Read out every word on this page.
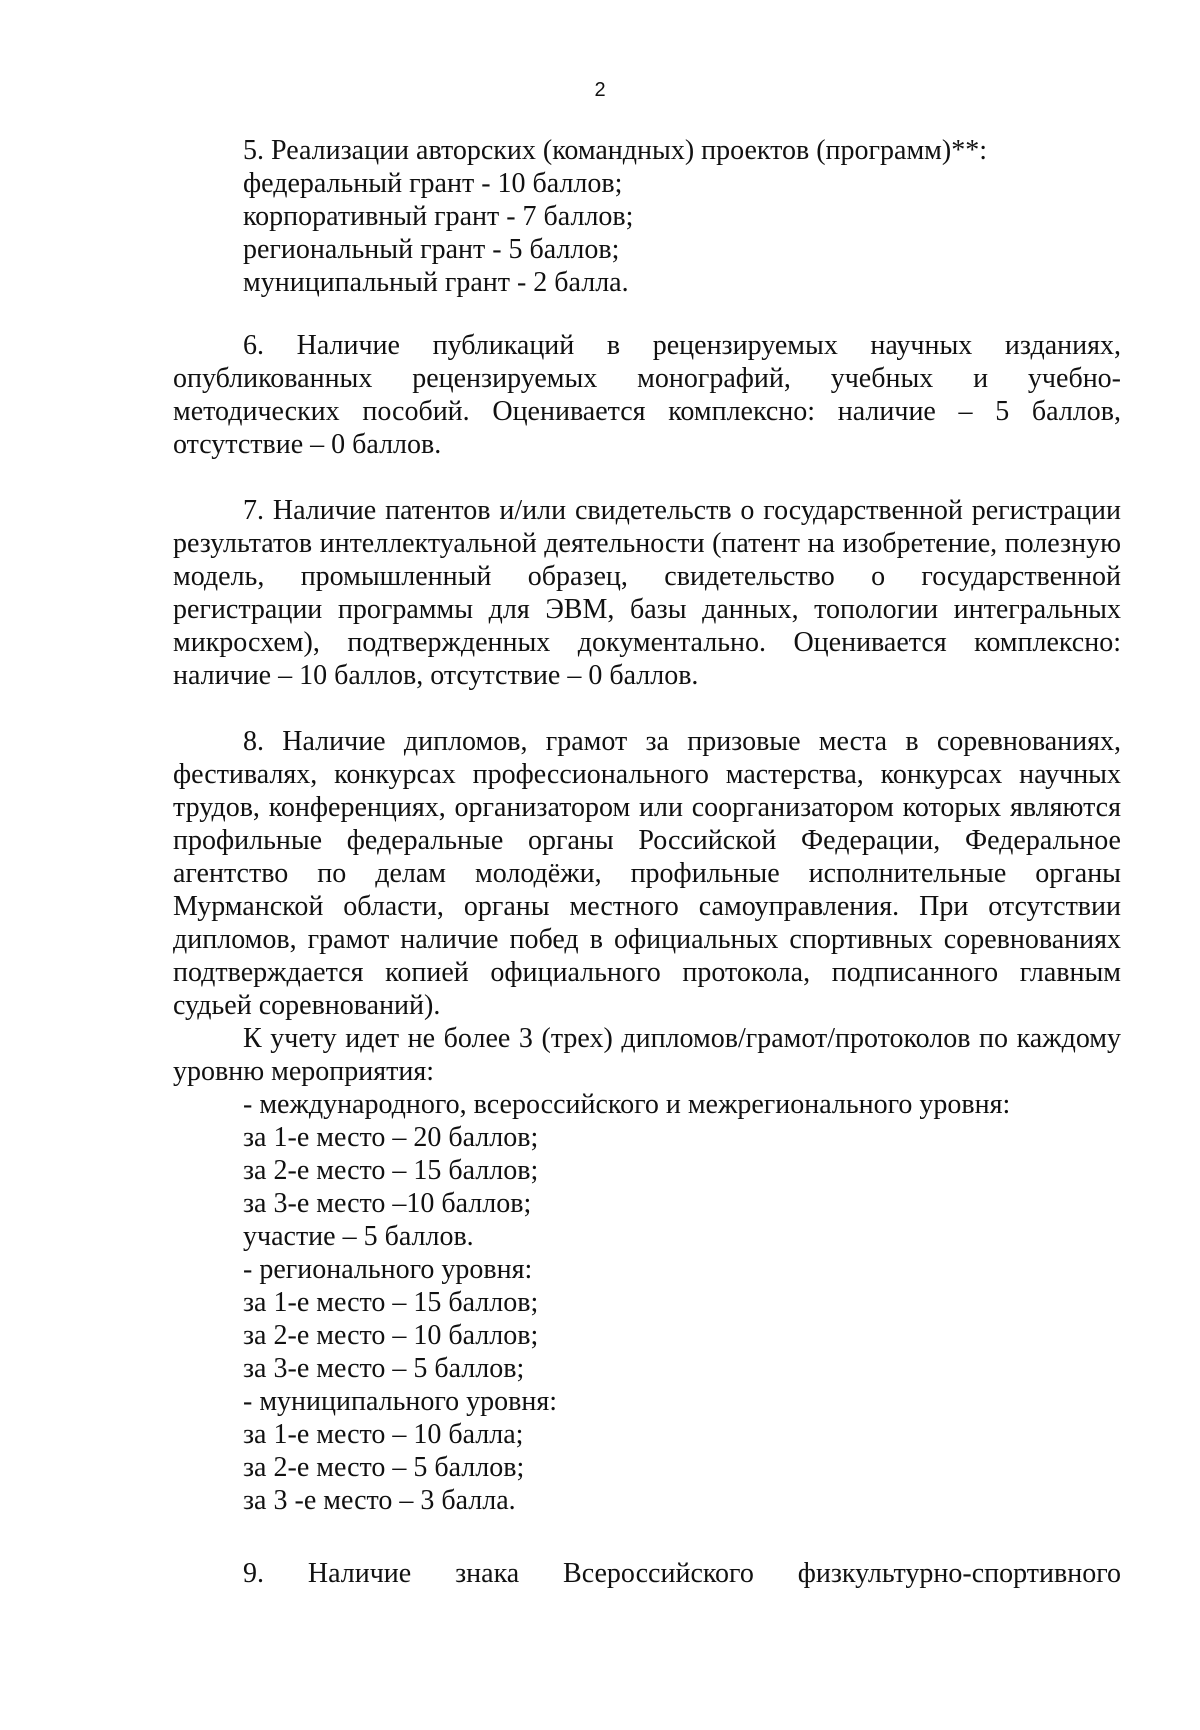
2

5. Реализации авторских (командных) проектов (программ)**:

федеральный грант - 10 баллов;

корпоративный грант - 7 баллов;

региональный грант - 5 баллов;

муниципальный грант - 2 балла.

6. Наличие публикаций в рецензируемых научных изданиях, опубликованных рецензируемых монографий, учебных и учебно-методических пособий. Оценивается комплексно: наличие – 5 баллов, отсутствие – 0 баллов.

7. Наличие патентов и/или свидетельств о государственной регистрации результатов интеллектуальной деятельности (патент на изобретение, полезную модель, промышленный образец, свидетельство о государственной регистрации программы для ЭВМ, базы данных, топологии интегральных микросхем), подтвержденных документально. Оценивается комплексно: наличие – 10 баллов, отсутствие – 0 баллов.

8. Наличие дипломов, грамот за призовые места в соревнованиях, фестивалях, конкурсах профессионального мастерства, конкурсах научных трудов, конференциях, организатором или соорганизатором которых являются профильные федеральные органы Российской Федерации, Федеральное агентство по делам молодёжи, профильные исполнительные органы Мурманской области, органы местного самоуправления. При отсутствии дипломов, грамот наличие побед в официальных спортивных соревнованиях подтверждается копией официального протокола, подписанного главным судьей соревнований).

К учету идет не более 3 (трех) дипломов/грамот/протоколов по каждому уровню мероприятия:

- международного, всероссийского и межрегионального уровня:

за 1-е место – 20 баллов;

за 2-е место – 15 баллов;

за 3-е место –10 баллов;

участие – 5 баллов.

- регионального уровня:

за 1-е место – 15 баллов;

за 2-е место – 10 баллов;

за 3-е место – 5 баллов;

- муниципального уровня:

за 1-е место – 10 балла;

за 2-е место – 5 баллов;

за 3 -е место – 3 балла.

9. Наличие знака Всероссийского физкультурно-спортивного
